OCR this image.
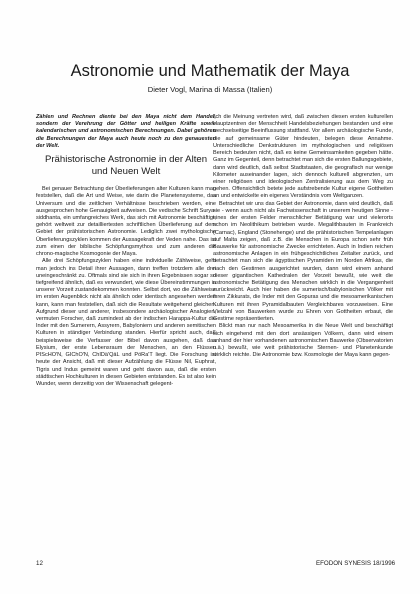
Astronomie und Mathematik der Maya
Dieter Vogl, Marina di Massa (Italien)

Zählen und Rechnen diente bei den Maya nicht dem Handel, sondern der Verehrung der Götter und heiligen Kräfte sowie kalendarischen und astronomischen Berechnungen. Dabei gehören die Berechnungen der Maya auch heute noch zu den genauesten der Welt.

Prähistorische Astronomie in der Alten und Neuen Welt

Bei genauer Betrachtung der Überlieferungen alter Kulturen kann man feststellen, daß die Art und Weise, wie darin die Planetensysteme, das Universum und die zeitlichen Verhältnisse beschrieben werden, eine ausgesprochen hohe Genauigkeit aufweisen. Die vedische Schrift Surya-siddhanta, ein umfangreiches Werk, das sich mit Astronomie beschäftigt, gehört weltweit zur detailliertesten schriftlichen Überlieferung auf dem Gebiet der prähistorischen Astronomie. Lediglich zwei mythologische Überlieferungszyklen kommen der Aussagekraft der Veden nahe. Das ist zum einen der biblische Schöpfungsmythos und zum anderen die chrono-magische Kosmogonie der Maya.

Alle drei Schöpfungszyklen haben eine individuelle Zählweise, geht man jedoch ins Detail ihrer Aussagen, dann treffen trotzdem alle drei uneingeschränkt zu. Oftmals sind sie sich in ihren Ergebnissen sogar so tiefgreifend ähnlich, daß es verwundert, wie diese Übereinstimmungen in unserer Vorzeit zustandekommen konnten. Selbst dort, wo die Zählweise im ersten Augenblick nicht als ähnlich oder identisch angesehen werden kann, kann man feststellen, daß sich die Resultate weitgehend gleichen. Aufgrund dieser und anderer, insbesondere archäologischer Analogien, vermuten Forscher, daß zumindest ab der indischen Harappa-Kultur die Inder mit den Sumerern, Assyrern, Babyloniern und anderen semitischen Kulturen in ständiger Verbindung standen. Hierfür spricht auch, daß beispielsweise die Verfasser der Bibel davon ausgehen, daß das Elysium, der erste Lebensraum der Menschen, an den Flüssen PIScHO'N, GIChO'N, ChIDä'QäL und PöRa'T liegt. Die Forschung ist heute der Ansicht, daß mit dieser Aufzählung die Flüsse Nil, Euphrat, Tigris und Indus gemeint waren und geht davon aus, daß die ersten städtischen Hochkulturen in diesen Gebieten entstanden. Es ist also kein Wunder, wenn derzeitig von der Wissenschaft gelegent-

lich die Meinung vertreten wird, daß zwischen diesen ersten kulturellen Hauptzentren der Menschheit Handelsbeziehungen bestanden und eine wechselseitige Beeinflussung stattfand. Vor allem archäologische Funde, die auf gemeinsame Güter hindeuten, belegen diese Annahme. Unterschiedliche Denkstrukturen im mythologischen und religiösen Bereich bedeuten nicht, daß es keine Gemeinsamkeiten gegeben hätte. Ganz im Gegenteil, denn betrachtet man sich die ersten Ballungsgebiete, dann wird deutlich, daß selbst Stadtstaaten, die geografisch nur wenige Kilometer auseinander lagen, sich dennoch kulturell abgrenzten, um einer religiösen und ideologischen Zentralisierung aus dem Weg zu gehen. Offensichtlich betete jede aufstrebende Kultur eigene Gottheiten an und entwickelte ein eigenes Verständnis vom Weltganzen.

Betrachtet wir uns das Gebiet der Astronomie, dann wird deutlich, daß sie - wenn auch nicht als Fachwissenschaft in unserem heutigen Sinne - eines der ersten Felder menschlicher Betätigung war und vielerorts schon im Neolithikum betrieben wurde. Megalithbauten in Frankreich (Carnac), England (Stonehenge) und die prähistorischen Tempelanlagen auf Malta zeigen, daß z.B. die Menschen in Europa schon sehr früh Bauwerke für astronomische Zwecke errichteten. Auch in Indien reichen astronomische Anlagen in ein frühgeschichtliches Zeitalter zurück, und betrachtet man sich die ägyptischen Pyramiden im Norden Afrikas, die nach den Gestirnen ausgerichtet wurden, dann wird einem anhand dieser gigantischen Kathedralen der Vorzeit bewußt, wie weit die astronomische Betätigung des Menschen wirklich in die Vergangenheit zurückreicht. Auch hier haben die sumerisch/babylonischen Völker mit ihren Zikkurats, die Inder mit den Gopuras und die mesoamerikanischen Kulturen mit ihren Pyramidalbauten Vergleichbares vorzuweisen. Eine Vielzahl von Bauwerken wurde zu Ehren von Gottheiten erbaut, die Gestirne repräsentierten.

Blickt man nur nach Mesoamerika in die Neue Welt und beschäftigt sich eingehend mit den dort ansässigen Völkern, dann wird einem anhand der hier vorhandenen astronomischen Bauwerke (Observatorien u.ä.) bewußt, wie weit prähistorische Sternen- und Planetenkunde wirklich reichte. Die Astronomie bzw. Kosmologie der Maya kann gegen-

12	EFODON SYNESIS 18/1996
